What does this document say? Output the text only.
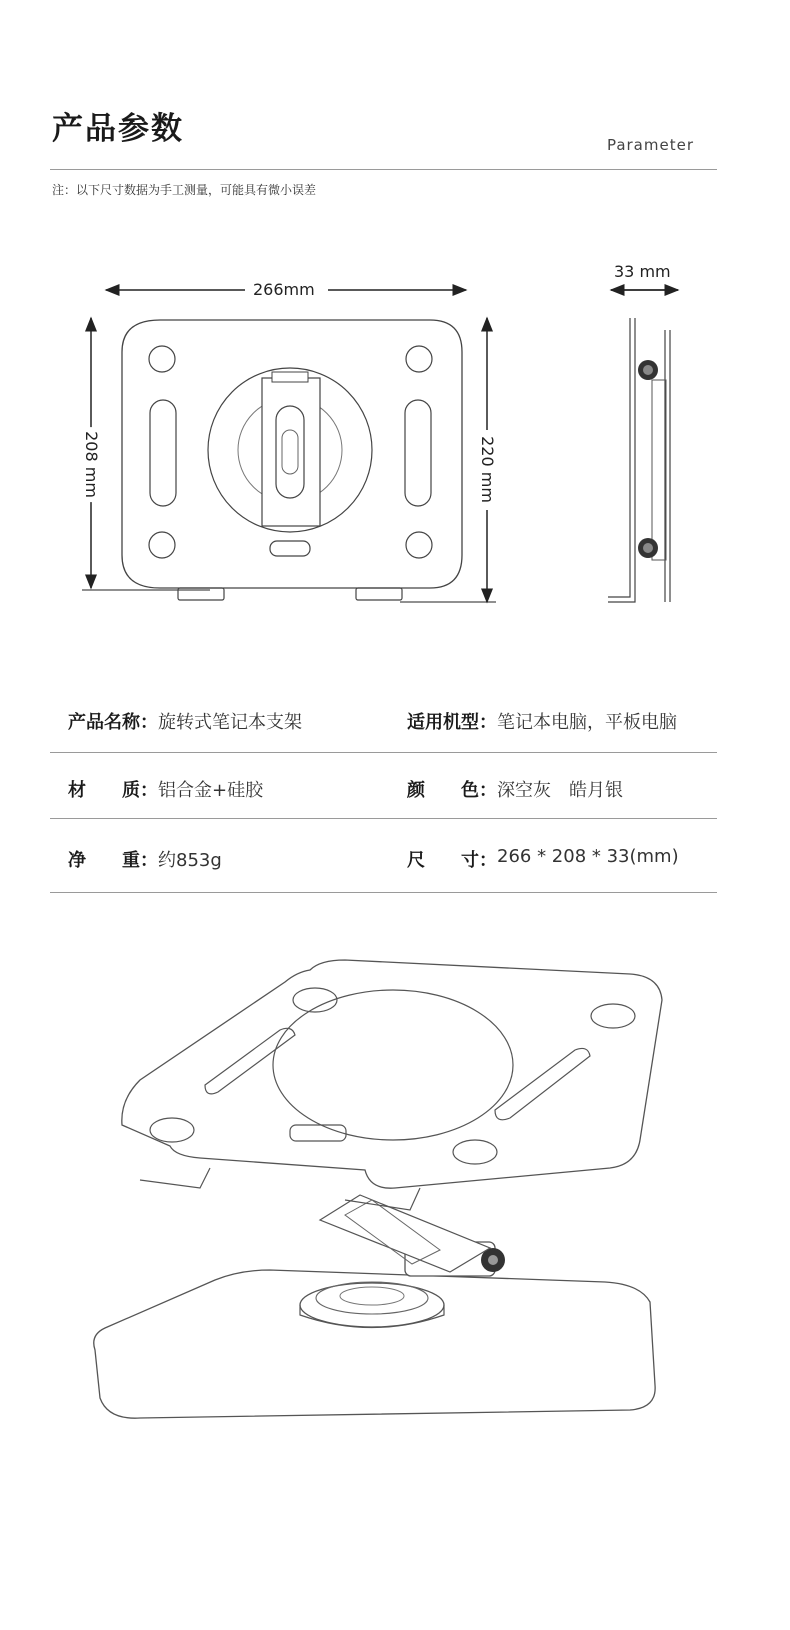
产品参数	Parameter
注：以下尺寸数据为手工测量，可能具有微小误差
266mm
33 mm
208 mm	220 mm
产品名称： 旋转式笔记本支架	适用机型： 笔记本电脑，平板电脑
材　　质： 铝合金+硅胶	颜　　色： 深空灰　皓月银
净　　重： 约853g	尺　　寸： 266 * 208 * 33(mm)
